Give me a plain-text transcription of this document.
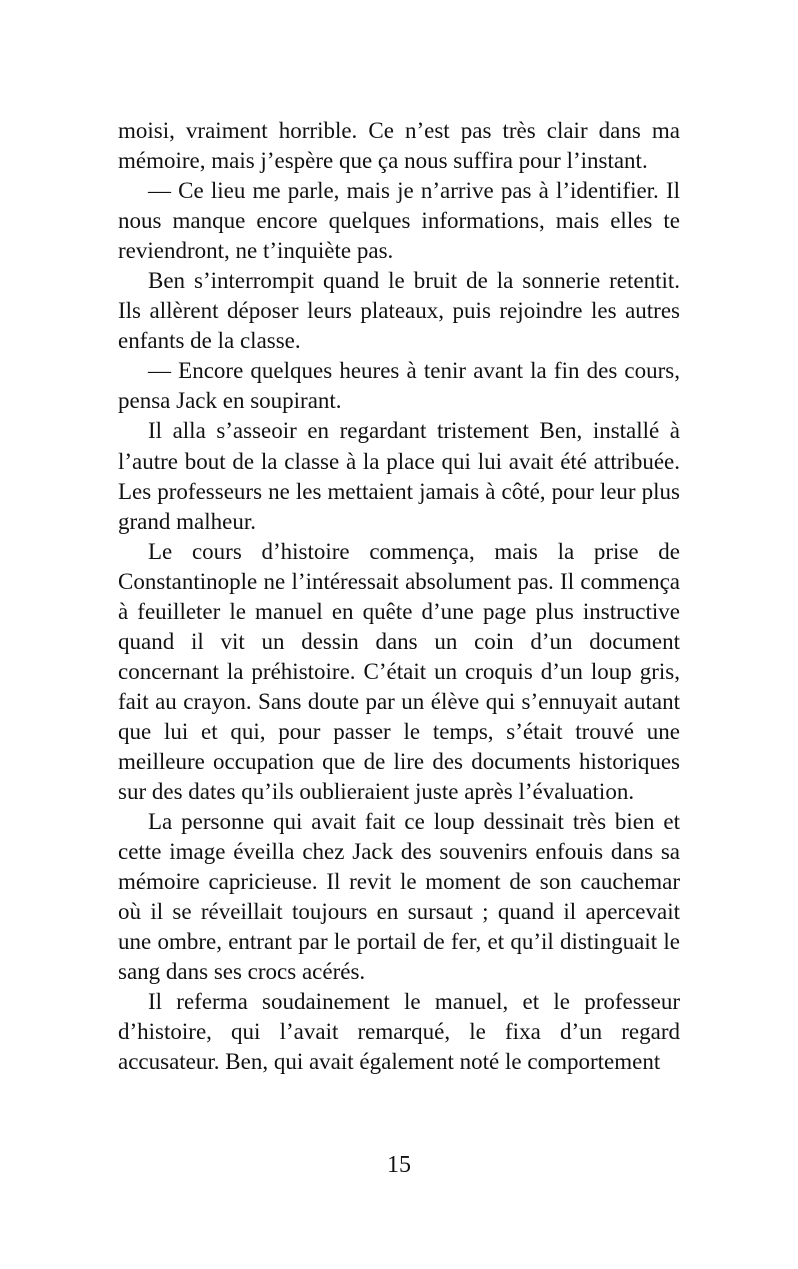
moisi, vraiment horrible. Ce n’est pas très clair dans ma mémoire, mais j’espère que ça nous suffira pour l’instant.

— Ce lieu me parle, mais je n’arrive pas à l’identifier. Il nous manque encore quelques informations, mais elles te reviendront, ne t’inquiète pas.

Ben s’interrompit quand le bruit de la sonnerie retentit. Ils allèrent déposer leurs plateaux, puis rejoindre les autres enfants de la classe.

— Encore quelques heures à tenir avant la fin des cours, pensa Jack en soupirant.

Il alla s’asseoir en regardant tristement Ben, installé à l’autre bout de la classe à la place qui lui avait été attribuée. Les professeurs ne les mettaient jamais à côté, pour leur plus grand malheur.

Le cours d’histoire commença, mais la prise de Constantinople ne l’intéressait absolument pas. Il commença à feuilleter le manuel en quête d’une page plus instructive quand il vit un dessin dans un coin d’un document concernant la préhistoire. C’était un croquis d’un loup gris, fait au crayon. Sans doute par un élève qui s’ennuyait autant que lui et qui, pour passer le temps, s’était trouvé une meilleure occupation que de lire des documents historiques sur des dates qu’ils oublieraient juste après l’évaluation.

La personne qui avait fait ce loup dessinait très bien et cette image éveilla chez Jack des souvenirs enfouis dans sa mémoire capricieuse. Il revit le moment de son cauchemar où il se réveillait toujours en sursaut ; quand il apercevait une ombre, entrant par le portail de fer, et qu’il distinguait le sang dans ses crocs acérés.

Il referma soudainement le manuel, et le professeur d’histoire, qui l’avait remarqué, le fixa d’un regard accusateur. Ben, qui avait également noté le comportement

15
